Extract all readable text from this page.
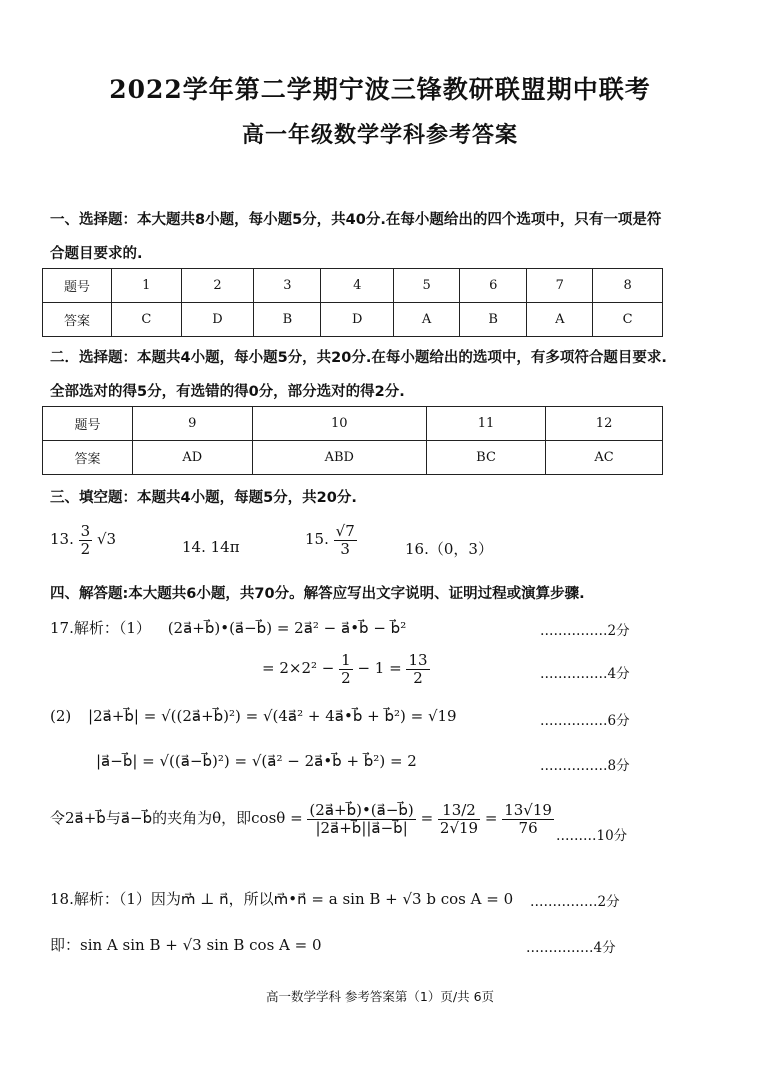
2022学年第二学期宁波三锋教研联盟期中联考
高一年级数学学科参考答案
一、选择题：本大题共8小题，每小题5分，共40分.在每小题给出的四个选项中，只有一项是符
合题目要求的.
题号	1	2	3	4	5	6	7	8
答案	C	D	B	D	A	B	A	C
二．选择题：本题共4小题，每小题5分，共20分.在每小题给出的选项中，有多项符合题目要求.
全部选对的得5分，有选错的得0分，部分选对的得2分.
题号	9	10	11	12
答案	AD	ABD	BC	AC
三、填空题：本题共4小题，每题5分，共20分.
13. $\frac{3}{2} √3$	14. 14π	15. $\frac{√7}{3}$	16.（0，3）
四、解答题:本大题共6小题，共70分。解答应写出文字说明、证明过程或演算步骤.
17.解析：（1） (2a⃗+b⃗)•(a⃗−b⃗) = 2a⃗² − a⃗•b⃗ − b⃗²	……………2分
= $2\times 2^2 - \frac{1}{2} - 1 = \frac{13}{2}$	……………4分
(2) |2a⃗+b⃗| = √((2a⃗+b⃗)²) = √(4a⃗² + 4a⃗•b⃗ + b⃗²) = √19	……………6分
|a⃗−b⃗| = √((a⃗−b⃗)²) = √(a⃗² − 2a⃗•b⃗ + b⃗²) = 2	……………8分
令2a⃗+b⃗与a⃗−b⃗的夹角为θ，即$\cos\theta = \frac{(2a⃗+b⃗)•(a⃗-b⃗)}{|2a⃗+b⃗||a⃗-b⃗|} = \frac{13/2}{2√19} = \frac{13√19}{76}$ ………10分
18.解析：（1）因为m⃗ ⊥ n⃗，所以m⃗•n⃗ = a sin B + √3 b cos A = 0 ……………2分
即：sin A sin B + √3 sin B cos A = 0	……………4分
高一数学学科 参考答案第（1）页/共 6页
